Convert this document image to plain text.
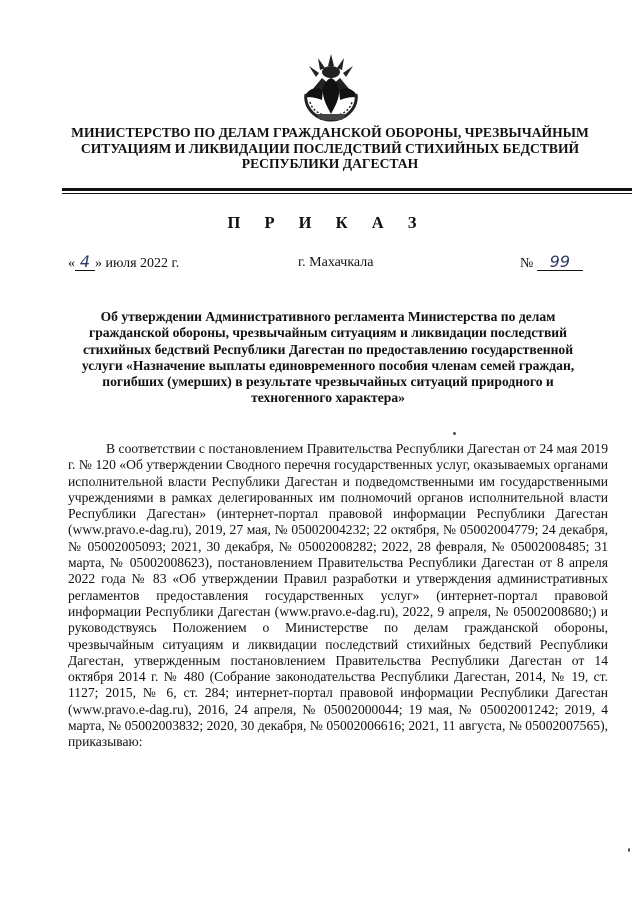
МИНИСТЕРСТВО ПО ДЕЛАМ ГРАЖДАНСКОЙ ОБОРОНЫ, ЧРЕЗВЫЧАЙНЫМ СИТУАЦИЯМ И ЛИКВИДАЦИИ ПОСЛЕДСТВИЙ СТИХИЙНЫХ БЕДСТВИЙ РЕСПУБЛИКИ ДАГЕСТАН
П Р И К А З
« 4 » июля 2022 г.	г. Махачкала	№ 99
Об утверждении Административного регламента Министерства по делам гражданской обороны, чрезвычайным ситуациям и ликвидации последствий стихийных бедствий Республики Дагестан по предоставлению государственной услуги «Назначение выплаты единовременного пособия членам семей граждан, погибших (умерших) в результате чрезвычайных ситуаций природного и техногенного характера»

В соответствии с постановлением Правительства Республики Дагестан от 24 мая 2019 г. № 120 «Об утверждении Сводного перечня государственных услуг, оказываемых органами исполнительной власти Республики Дагестан и подведомственными им государственными учреждениями в рамках делегированных им полномочий органов исполнительной власти Республики Дагестан» (интернет-портал правовой информации Республики Дагестан (www.pravo.e-dag.ru), 2019, 27 мая, № 05002004232; 22 октября, № 05002004779; 24 декабря, № 05002005093; 2021, 30 декабря, № 05002008282; 2022, 28 февраля, № 05002008485; 31 марта, № 05002008623), постановлением Правительства Республики Дагестан от 8 апреля 2022 года № 83 «Об утверждении Правил разработки и утверждения административных регламентов предоставления государственных услуг» (интернет-портал правовой информации Республики Дагестан (www.pravo.e-dag.ru), 2022, 9 апреля, № 05002008680;) и руководствуясь Положением о Министерстве по делам гражданской обороны, чрезвычайным ситуациям и ликвидации последствий стихийных бедствий Республики Дагестан, утвержденным постановлением Правительства Республики Дагестан от 14 октября 2014 г. № 480 (Собрание законодательства Республики Дагестан, 2014, № 19, ст. 1127; 2015, № 6, ст. 284; интернет-портал правовой информации Республики Дагестан (www.pravo.e-dag.ru), 2016, 24 апреля, № 05002000044; 19 мая, № 05002001242; 2019, 4 марта, № 05002003832; 2020, 30 декабря, № 05002006616; 2021, 11 августа, № 05002007565), приказываю:
